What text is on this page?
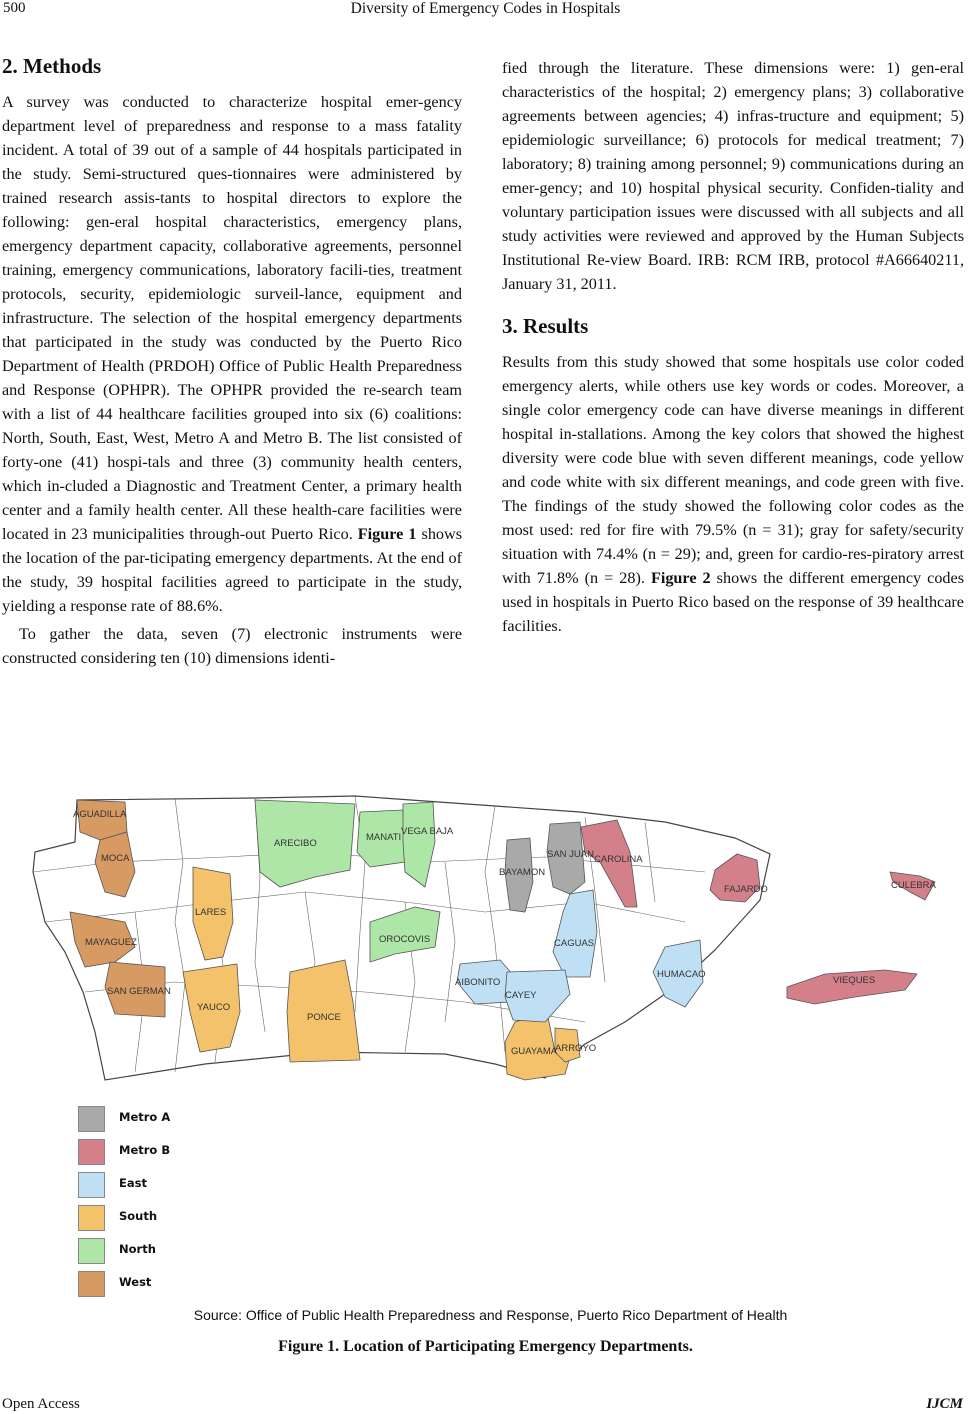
500	Diversity of Emergency Codes in Hospitals
2. Methods

A survey was conducted to characterize hospital emer-gency department level of preparedness and response to a mass fatality incident. A total of 39 out of a sample of 44 hospitals participated in the study. Semi-structured ques-tionnaires were administered by trained research assis-tants to hospital directors to explore the following: gen-eral hospital characteristics, emergency plans, emergency department capacity, collaborative agreements, personnel training, emergency communications, laboratory facili-ties, treatment protocols, security, epidemiologic surveil-lance, equipment and infrastructure. The selection of the hospital emergency departments that participated in the study was conducted by the Puerto Rico Department of Health (PRDOH) Office of Public Health Preparedness and Response (OPHPR). The OPHPR provided the re-search team with a list of 44 healthcare facilities grouped into six (6) coalitions: North, South, East, West, Metro A and Metro B. The list consisted of forty-one (41) hospi-tals and three (3) community health centers, which in-cluded a Diagnostic and Treatment Center, a primary health center and a family health center. All these health-care facilities were located in 23 municipalities through-out Puerto Rico. Figure 1 shows the location of the par-ticipating emergency departments. At the end of the study, 39 hospital facilities agreed to participate in the study, yielding a response rate of 88.6%.

To gather the data, seven (7) electronic instruments were constructed considering ten (10) dimensions identi-

fied through the literature. These dimensions were: 1) gen-eral characteristics of the hospital; 2) emergency plans; 3) collaborative agreements between agencies; 4) infras-tructure and equipment; 5) epidemiologic surveillance; 6) protocols for medical treatment; 7) laboratory; 8) training among personnel; 9) communications during an emer-gency; and 10) hospital physical security. Confiden-tiality and voluntary participation issues were discussed with all subjects and all study activities were reviewed and approved by the Human Subjects Institutional Re-view Board. IRB: RCM IRB, protocol #A66640211, January 31, 2011.

3. Results

Results from this study showed that some hospitals use color coded emergency alerts, while others use key words or codes. Moreover, a single color emergency code can have diverse meanings in different hospital in-stallations. Among the key colors that showed the highest diversity were code blue with seven different meanings, code yellow and code white with six different meanings, and code green with five. The findings of the study showed the following color codes as the most used: red for fire with 79.5% (n = 31); gray for safety/security situation with 74.4% (n = 29); and, green for cardio-res-piratory arrest with 71.8% (n = 28). Figure 2 shows the different emergency codes used in hospitals in Puerto Rico based on the response of 39 healthcare facilities.

AGUADILLA
MOCA
ARECIBO
MANATI
VEGA BAJA
SAN JUAN CAROLINA
BAYAMON
FAJARDO	CULEBRA
LARES
MAYAGUEZ	OROCOVIS	CAGUAS
HUMACAO
VIEQUES
SAN GERMAN
AIBONITO
CAYEY
YAUCO
PONCE
GUAYAMA
ARROYO
Metro A
Metro B
East
South
North
West
Source: Office of Public Health Preparedness and Response, Puerto Rico Department of Health
Figure 1. Location of Participating Emergency Departments.
Open Access	IJCM
